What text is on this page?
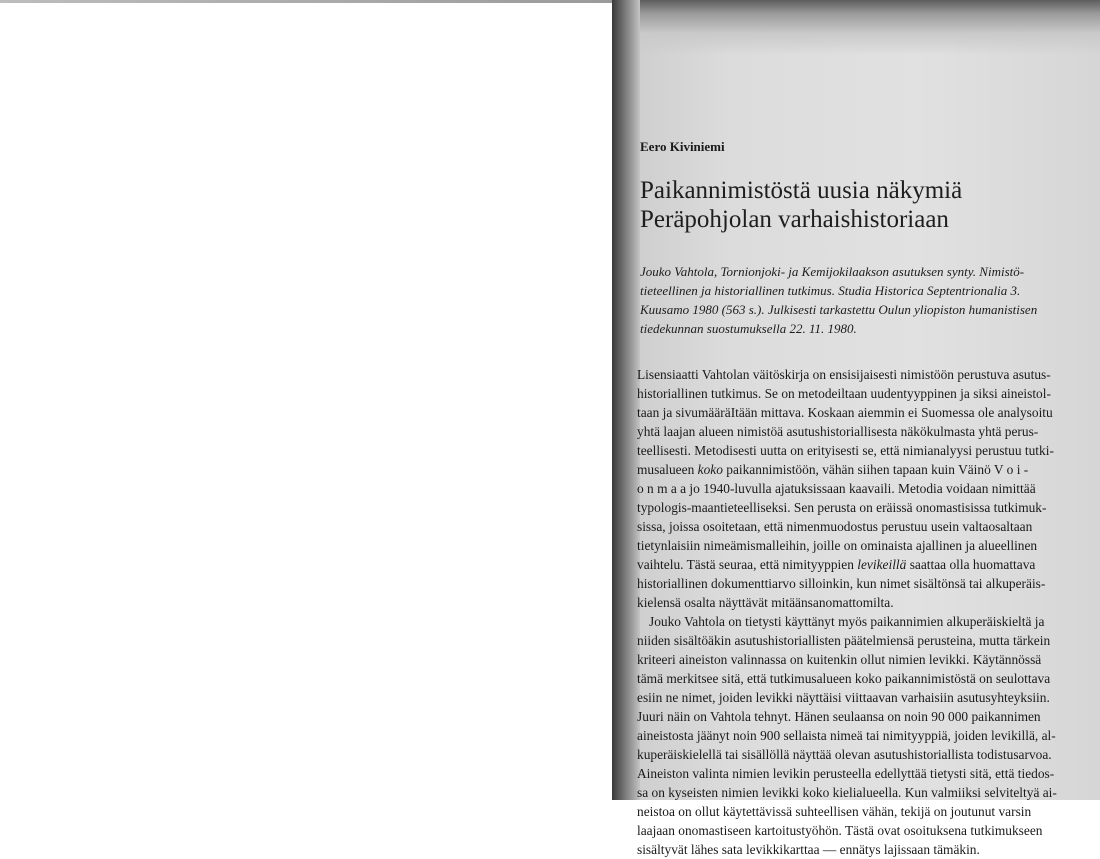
Eero Kiviniemi
Paikannimistöstä uusia näkymiä
Peräpohjolan varhaishistoriaan
Jouko Vahtola, Tornionjoki- ja Kemijokilaakson asutuksen synty. Nimistö-
tieteellinen ja historiallinen tutkimus. Studia Historica Septentrionalia 3.
Kuusamo 1980 (563 s.). Julkisesti tarkastettu Oulun yliopiston humanistisen
tiedekunnan suostumuksella 22. 11. 1980.
Lisensiaatti Vahtolan väitöskirja on ensisijaisesti nimistöön perustuva asutus-
historiallinen tutkimus. Se on metodeiltaan uudentyyppinen ja siksi aineistol-
taan ja sivumääräItään mittava. Koskaan aiemmin ei Suomessa ole analysoitu
yhtä laajan alueen nimistöä asutushistoriallisesta näkökulmasta yhtä perus-
teellisesti. Metodisesti uutta on erityisesti se, että nimianalyysi perustuu tutki-
musalueen koko paikannimistöön, vähän siihen tapaan kuin Väinö V o i -
o n m a a jo 1940-luvulla ajatuksissaan kaavaili. Metodia voidaan nimittää
typologis-maantieteelliseksi. Sen perusta on eräissä onomastisissa tutkimuk-
sissa, joissa osoitetaan, että nimenmuodostus perustuu usein valtaosaltaan
tietynlaisiin nimeämismalleihin, joille on ominaista ajallinen ja alueellinen
vaihtelu. Tästä seuraa, että nimityyppien levikeillä saattaa olla huomattava
historiallinen dokumenttiarvo silloinkin, kun nimet sisältönsä tai alkuperäis-
kielensä osalta näyttävät mitäänsanomattomilta.
Jouko Vahtola on tietysti käyttänyt myös paikannimien alkuperäiskieltä ja
niiden sisältöäkin asutushistoriallisten päätelmiensä perusteina, mutta tärkein
kriteeri aineiston valinnassa on kuitenkin ollut nimien levikki. Käytännössä
tämä merkitsee sitä, että tutkimusalueen koko paikannimistöstä on seulottava
esiin ne nimet, joiden levikki näyttäisi viittaavan varhaisiin asutusyhteyksiin.
Juuri näin on Vahtola tehnyt. Hänen seulaansa on noin 90 000 paikannimen
aineistosta jäänyt noin 900 sellaista nimeä tai nimityyppiä, joiden levikillä, al-
kuperäiskielellä tai sisällöllä näyttää olevan asutushistoriallista todistusarvoa.
Aineiston valinta nimien levikin perusteella edellyttää tietysti sitä, että tiedos-
sa on kyseisten nimien levikki koko kielialueella. Kun valmiiksi selviteltyä ai-
neistoa on ollut käytettävissä suhteellisen vähän, tekijä on joutunut varsin
laajaan onomastiseen kartoitustyöhön. Tästä ovat osoituksena tutkimukseen
sisältyvät lähes sata levikkikarttaa — ennätys lajissaan tämäkin.
